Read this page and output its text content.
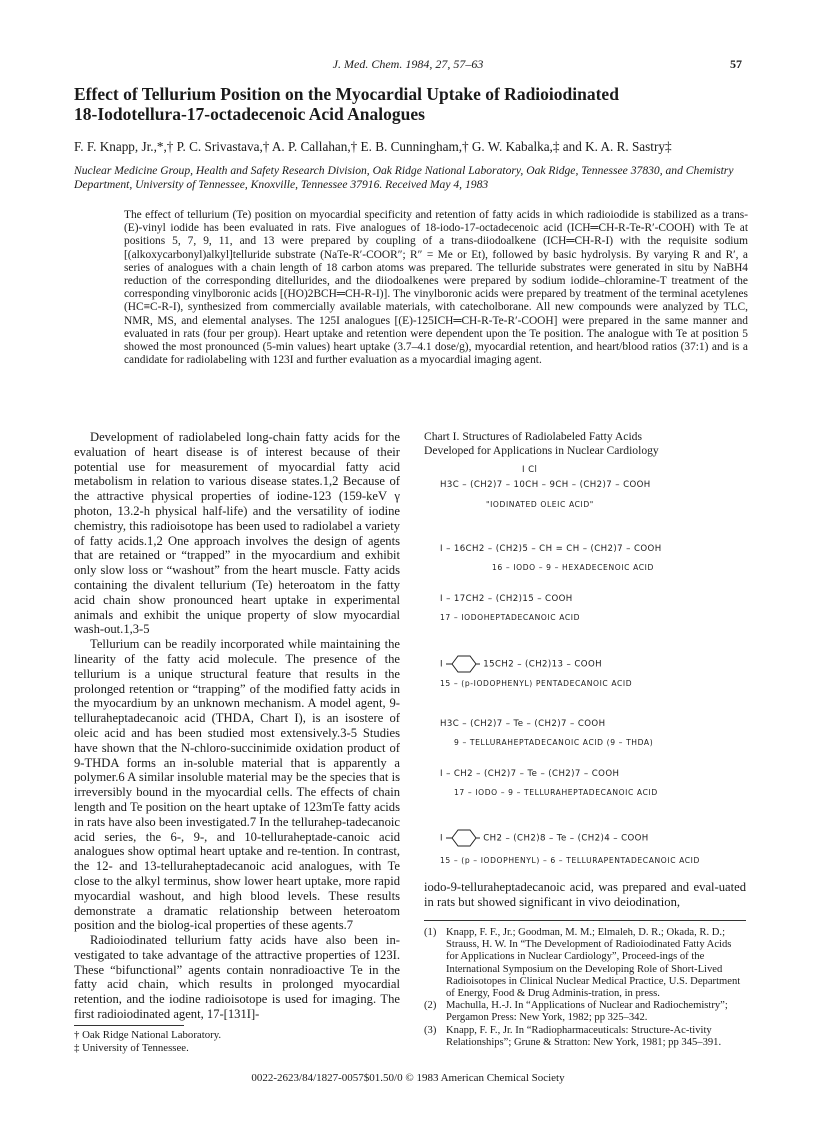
J. Med. Chem. 1984, 27, 57–63	57
Effect of Tellurium Position on the Myocardial Uptake of Radioiodinated
18-Iodotellura-17-octadecenoic Acid Analogues
F. F. Knapp, Jr.,*,† P. C. Srivastava,† A. P. Callahan,† E. B. Cunningham,† G. W. Kabalka,‡ and K. A. R. Sastry‡
Nuclear Medicine Group, Health and Safety Research Division, Oak Ridge National Laboratory, Oak Ridge, Tennessee 37830, and Chemistry Department, University of Tennessee, Knoxville, Tennessee 37916. Received May 4, 1983
The effect of tellurium (Te) position on myocardial specificity and retention of fatty acids in which radioiodide is stabilized as a trans-(E)-vinyl iodide has been evaluated in rats. Five analogues of 18-iodo-17-octadecenoic acid (ICH═CH-R-Te-R′-COOH) with Te at positions 5, 7, 9, 11, and 13 were prepared by coupling of a trans-diiodoalkene (ICH═CH-R-I) with the requisite sodium [(alkoxycarbonyl)alkyl]telluride substrate (NaTe-R′-COOR″; R″ = Me or Et), followed by basic hydrolysis. By varying R and R′, a series of analogues with a chain length of 18 carbon atoms was prepared. The telluride substrates were generated in situ by NaBH4 reduction of the corresponding ditellurides, and the diiodoalkenes were prepared by sodium iodide–chloramine-T treatment of the corresponding vinylboronic acids [(HO)2BCH═CH-R-I)]. The vinylboronic acids were prepared by treatment of the terminal acetylenes (HC≡C-R-I), synthesized from commercially available materials, with catecholborane. All new compounds were analyzed by TLC, NMR, MS, and elemental analyses. The 125I analogues [(E)-125ICH═CH-R-Te-R′-COOH] were prepared in the same manner and evaluated in rats (four per group). Heart uptake and retention were dependent upon the Te position. The analogue with Te at position 5 showed the most pronounced (5-min values) heart uptake (3.7–4.1 dose/g), myocardial retention, and heart/blood ratios (37:1) and is a candidate for radiolabeling with 123I and further evaluation as a myocardial imaging agent.

Development of radiolabeled long-chain fatty acids for the evaluation of heart disease is of interest because of their potential use for measurement of myocardial fatty acid metabolism in relation to various disease states.1,2 Because of the attractive physical properties of iodine-123 (159-keV γ photon, 13.2-h physical half-life) and the versatility of iodine chemistry, this radioisotope has been used to radiolabel a variety of fatty acids.1,2 One approach involves the design of agents that are retained or “trapped” in the myocardium and exhibit only slow loss or “washout” from the heart muscle. Fatty acids containing the divalent tellurium (Te) heteroatom in the fatty acid chain show pronounced heart uptake in experimental animals and exhibit the unique property of slow myocardial wash-out.1,3-5

Tellurium can be readily incorporated while maintaining the linearity of the fatty acid molecule. The presence of the tellurium is a unique structural feature that results in the prolonged retention or “trapping” of the modified fatty acids in the myocardium by an unknown mechanism. A model agent, 9-telluraheptadecanoic acid (THDA, Chart I), is an isostere of oleic acid and has been studied most extensively.3-5 Studies have shown that the N-chloro-succinimide oxidation product of 9-THDA forms an in-soluble material that is apparently a polymer.6 A similar insoluble material may be the species that is irreversibly bound in the myocardial cells. The effects of chain length and Te position on the heart uptake of 123mTe fatty acids in rats have also been investigated.7 In the tellurahep-tadecanoic acid series, the 6-, 9-, and 10-telluraheptade-canoic acid analogues show optimal heart uptake and re-tention. In contrast, the 12- and 13-telluraheptadecanoic acid analogues, with Te close to the alkyl terminus, show lower heart uptake, more rapid myocardial washout, and high blood levels. These results demonstrate a dramatic relationship between heteroatom position and the biolog-ical properties of these agents.7

Radioiodinated tellurium fatty acids have also been in-vestigated to take advantage of the attractive properties of 123I. These “bifunctional” agents contain nonradioactive Te in the fatty acid chain, which results in prolonged myocardial retention, and the iodine radioisotope is used for imaging. The first radioiodinated agent, 17-[131I]-

Chart I. Structures of Radiolabeled Fatty Acids
Developed for Applications in Nuclear Cardiology
I Cl
H3C – (CH2)7 – 10CH – 9CH – (CH2)7 – COOH
"IODINATED OLEIC ACID"
I – 16CH2 – (CH2)5 – CH = CH – (CH2)7 – COOH
16 – IODO – 9 – HEXADECENOIC ACID
I – 17CH2 – (CH2)15 – COOH
17 – IODOHEPTADECANOIC ACID
I	15CH2 – (CH2)13 – COOH
15 – (p-IODOPHENYL) PENTADECANOIC ACID
H3C – (CH2)7 – Te – (CH2)7 – COOH
9 – TELLURAHEPTADECANOIC ACID (9 – THDA)
I – CH2 – (CH2)7 – Te – (CH2)7 – COOH
17 – IODO – 9 – TELLURAHEPTADECANOIC ACID
I	CH2 – (CH2)8 – Te – (CH2)4 – COOH
15 – (p – IODOPHENYL) – 6 – TELLURAPENTADECANOIC ACID
iodo-9-telluraheptadecanoic acid, was prepared and eval-uated in rats but showed significant in vivo deiodination,
(1) Knapp, F. F., Jr.; Goodman, M. M.; Elmaleh, D. R.; Okada, R. D.; Strauss, H. W. In “The Development of Radioiodinated Fatty Acids for Applications in Nuclear Cardiology”, Proceed-ings of the International Symposium on the Developing Role of Short-Lived Radioisotopes in Clinical Nuclear Medical Practice, U.S. Department of Energy, Food & Drug Adminis-tration, in press.
(2) Machulla, H.-J. In “Applications of Nuclear and Radiochemistry”; Pergamon Press: New York, 1982; pp 325–342.
(3) Knapp, F. F., Jr. In “Radiopharmaceuticals: Structure-Ac-tivity Relationships”; Grune & Stratton: New York, 1981; pp 345–391.
† Oak Ridge National Laboratory.
‡ University of Tennessee.
0022-2623/84/1827-0057$01.50/0 © 1983 American Chemical Society
